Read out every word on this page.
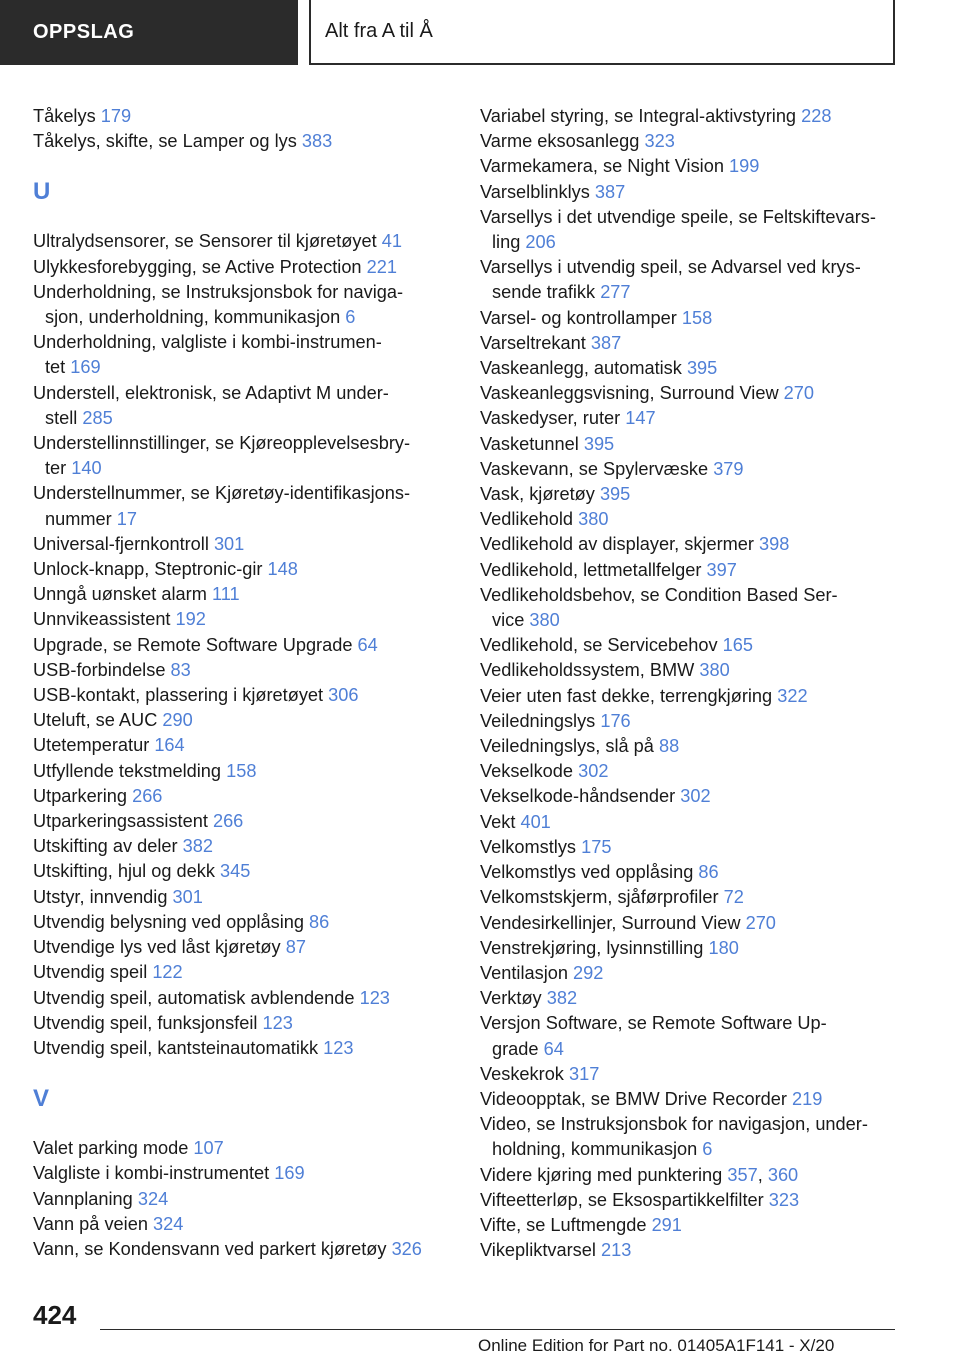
OPPSLAG	Alt fra A til Å
Tåkelys 179
Tåkelys, skifte, se Lamper og lys 383
U
Ultralydsensorer, se Sensorer til kjøretøyet 41
Ulykkesforebygging, se Active Protection 221
Underholdning, se Instruksjonsbok for naviga-
sjon, underholdning, kommunikasjon 6
Underholdning, valgliste i kombi-instrumen-
tet 169
Understell, elektronisk, se Adaptivt M under-
stell 285
Understellinnstillinger, se Kjøreopplevelsesbry-
ter 140
Understellnummer, se Kjøretøy-identifikasjons-
nummer 17
Universal-fjernkontroll 301
Unlock-knapp, Steptronic-gir 148
Unngå uønsket alarm 111
Unnvikeassistent 192
Upgrade, se Remote Software Upgrade 64
USB-forbindelse 83
USB-kontakt, plassering i kjøretøyet 306
Uteluft, se AUC 290
Utetemperatur 164
Utfyllende tekstmelding 158
Utparkering 266
Utparkeringsassistent 266
Utskifting av deler 382
Utskifting, hjul og dekk 345
Utstyr, innvendig 301
Utvendig belysning ved opplåsing 86
Utvendige lys ved låst kjøretøy 87
Utvendig speil 122
Utvendig speil, automatisk avblendende 123
Utvendig speil, funksjonsfeil 123
Utvendig speil, kantsteinautomatikk 123
V
Valet parking mode 107
Valgliste i kombi-instrumentet 169
Vannplaning 324
Vann på veien 324
Vann, se Kondensvann ved parkert kjøretøy 326
Variabel styring, se Integral-aktivstyring 228
Varme eksosanlegg 323
Varmekamera, se Night Vision 199
Varselblinklys 387
Varsellys i det utvendige speile, se Feltskiftevars-
ling 206
Varsellys i utvendig speil, se Advarsel ved krys-
sende trafikk 277
Varsel- og kontrollamper 158
Varseltrekant 387
Vaskeanlegg, automatisk 395
Vaskeanleggsvisning, Surround View 270
Vaskedyser, ruter 147
Vasketunnel 395
Vaskevann, se Spylervæske 379
Vask, kjøretøy 395
Vedlikehold 380
Vedlikehold av displayer, skjermer 398
Vedlikehold, lettmetallfelger 397
Vedlikeholdsbehov, se Condition Based Ser-
vice 380
Vedlikehold, se Servicebehov 165
Vedlikeholdssystem, BMW 380
Veier uten fast dekke, terrengkjøring 322
Veiledningslys 176
Veiledningslys, slå på 88
Vekselkode 302
Vekselkode-håndsender 302
Vekt 401
Velkomstlys 175
Velkomstlys ved opplåsing 86
Velkomstskjerm, sjåførprofiler 72
Vendesirkellinjer, Surround View 270
Venstrekjøring, lysinnstilling 180
Ventilasjon 292
Verktøy 382
Versjon Software, se Remote Software Up-
grade 64
Veskekrok 317
Videoopptak, se BMW Drive Recorder 219
Video, se Instruksjonsbok for navigasjon, under-
holdning, kommunikasjon 6
Videre kjøring med punktering 357, 360
Vifteetterløp, se Eksospartikkelfilter 323
Vifte, se Luftmengde 291
Vikepliktvarsel 213
424
Online Edition for Part no. 01405A1F141 - X/20
